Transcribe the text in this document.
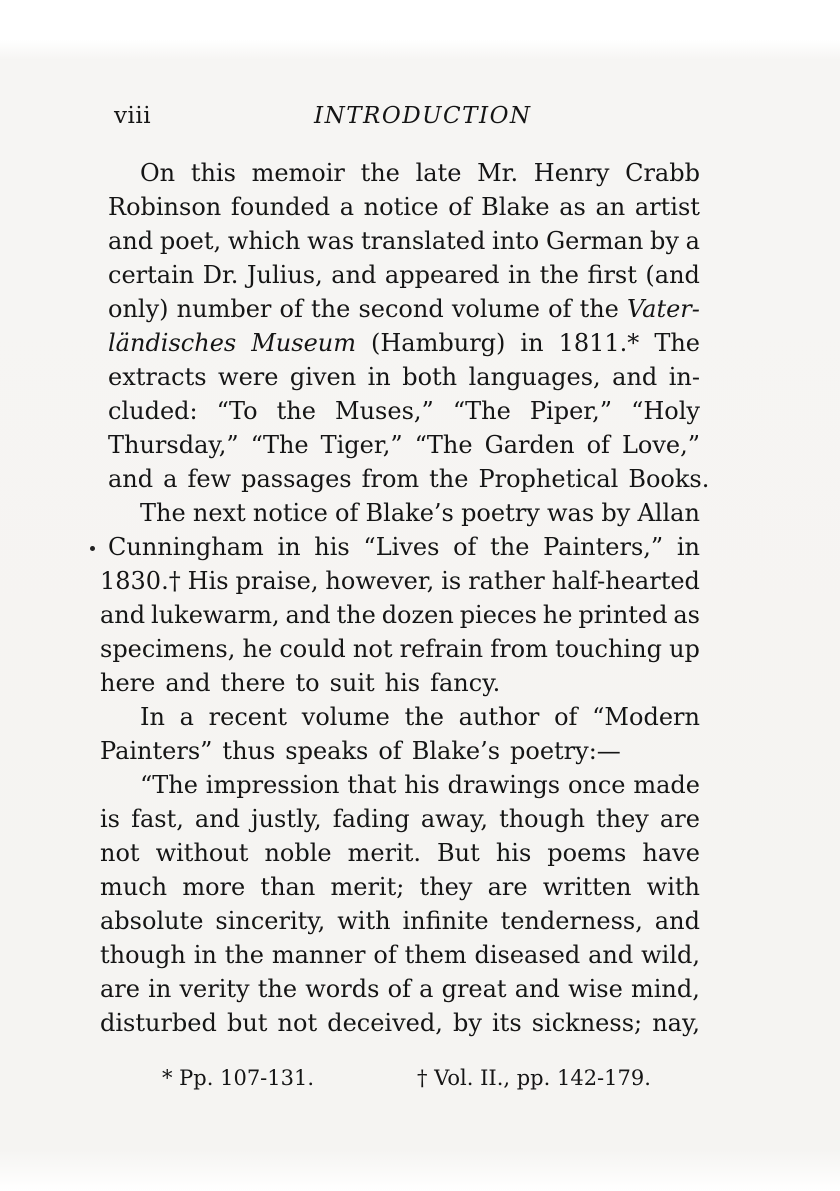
viii	INTRODUCTION
On this memoir the late Mr. Henry Crabb
Robinson founded a notice of Blake as an artist
and poet, which was translated into German by a
certain Dr. Julius, and appeared in the first (and
only) number of the second volume of the Vater-
ländisches Museum (Hamburg) in 1811.* The
extracts were given in both languages, and in-
cluded: “To the Muses,” “The Piper,” “Holy
Thursday,” “The Tiger,” “The Garden of Love,”
and a few passages from the Prophetical Books.
The next notice of Blake’s poetry was by Allan
Cunningham in his “Lives of the Painters,” in
1830.† His praise, however, is rather half-hearted
and lukewarm, and the dozen pieces he printed as
specimens, he could not refrain from touching up
here and there to suit his fancy.
In a recent volume the author of “Modern
Painters” thus speaks of Blake’s poetry:—
“The impression that his drawings once made
is fast, and justly, fading away, though they are
not without noble merit. But his poems have
much more than merit; they are written with
absolute sincerity, with infinite tenderness, and
though in the manner of them diseased and wild,
are in verity the words of a great and wise mind,
disturbed but not deceived, by its sickness; nay,
* Pp. 107-131.	† Vol. II., pp. 142-179.
